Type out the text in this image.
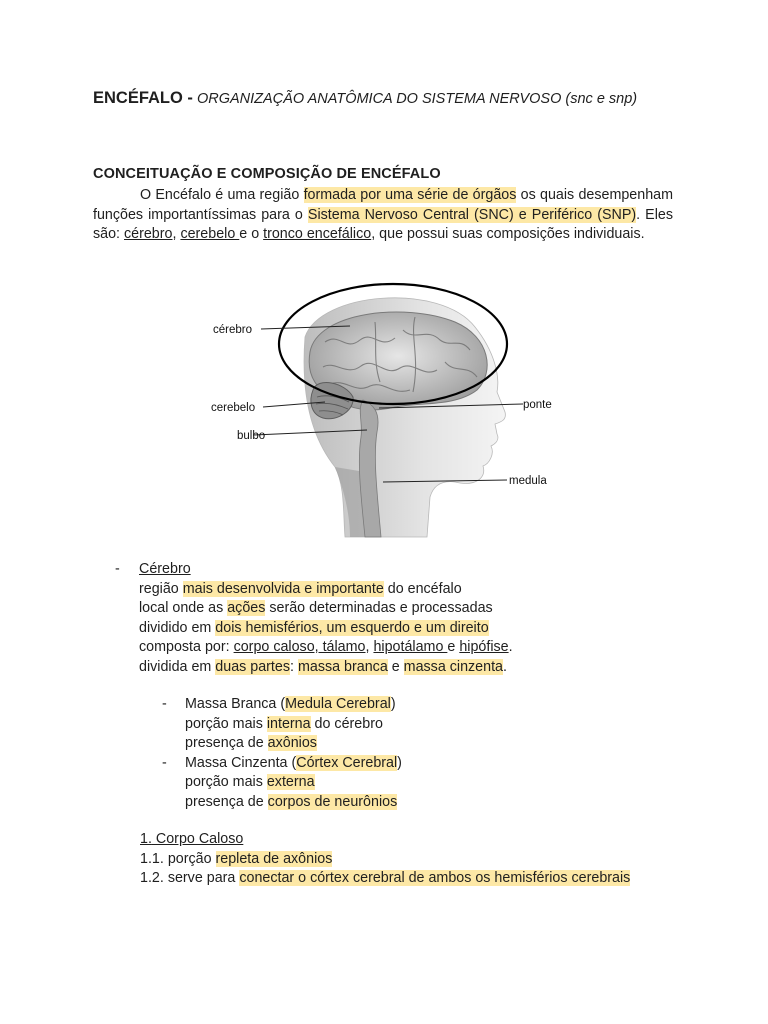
ENCÉFALO - ORGANIZAÇÃO ANATÔMICA DO SISTEMA NERVOSO (snc e snp)
CONCEITUAÇÃO E COMPOSIÇÃO DE ENCÉFALO
O Encéfalo é uma região formada por uma série de órgãos os quais desempenham funções importantíssimas para o Sistema Nervoso Central (SNC) e Periférico (SNP). Eles são: cérebro, cerebelo e o tronco encefálico, que possui suas composições individuais.
cérebro
cerebelo
bulbo
ponte
medula
- Cérebro
região mais desenvolvida e importante do encéfalo
local onde as ações serão determinadas e processadas
dividido em dois hemisférios, um esquerdo e um direito
composta por: corpo caloso, tálamo, hipotálamo e hipófise.
dividida em duas partes: massa branca e massa cinzenta.
- Massa Branca (Medula Cerebral)
porção mais interna do cérebro
presença de axônios
- Massa Cinzenta (Córtex Cerebral)
porção mais externa
presença de corpos de neurônios
1. Corpo Caloso
1.1. porção repleta de axônios
1.2. serve para conectar o córtex cerebral de ambos os hemisférios cerebrais
